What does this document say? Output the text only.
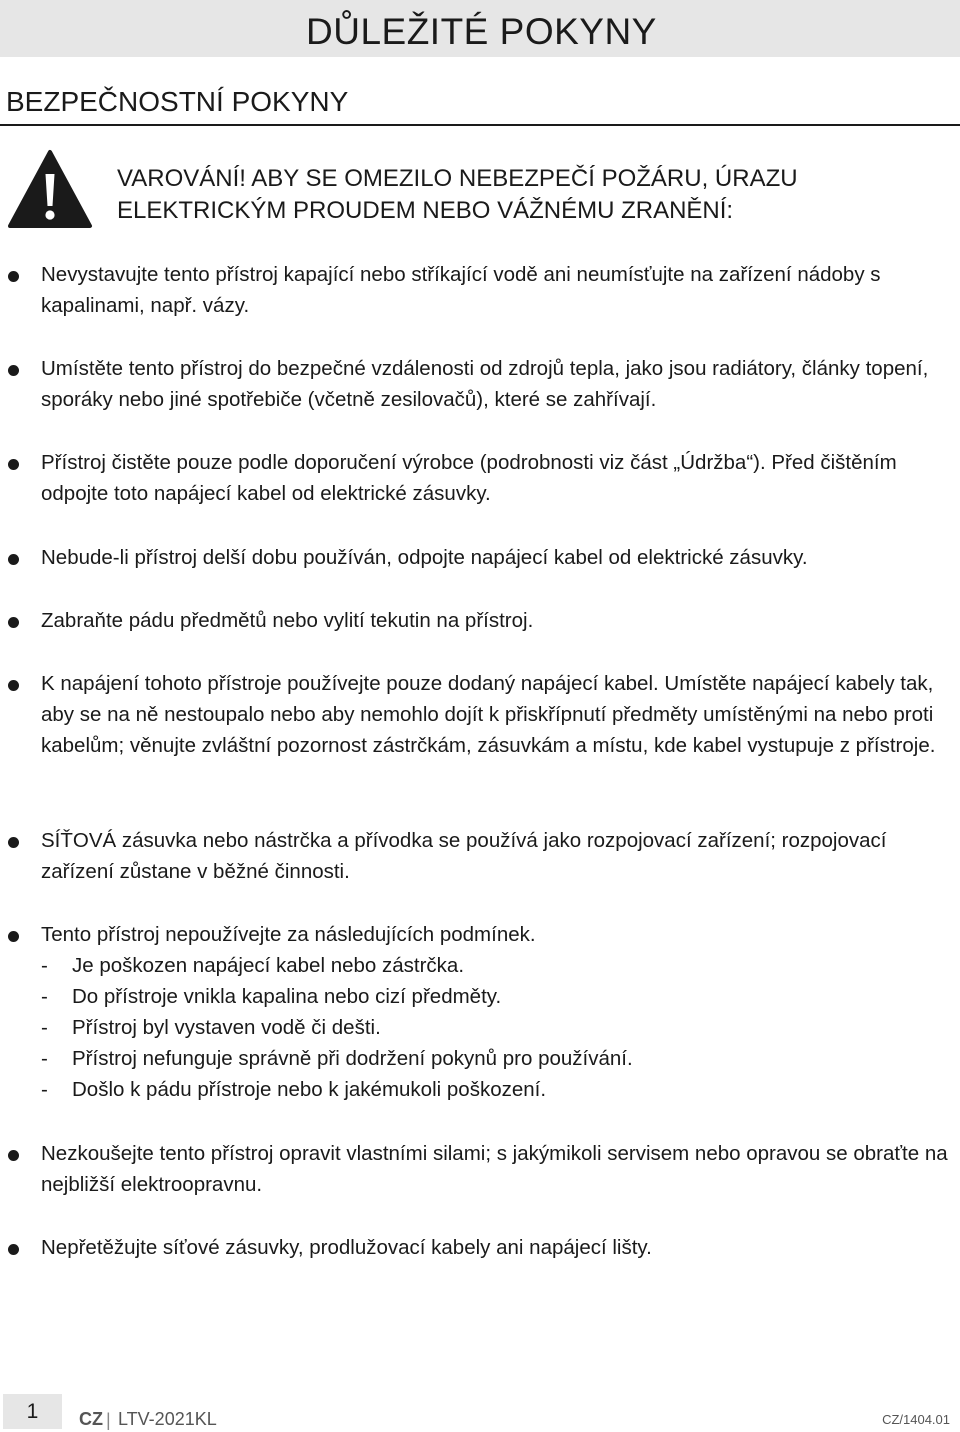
DŮLEŽITÉ POKYNY
BEZPEČNOSTNÍ POKYNY
VAROVÁNÍ! ABY SE OMEZILO NEBEZPEČÍ POŽÁRU, ÚRAZU
ELEKTRICKÝM PROUDEM NEBO VÁŽNÉMU ZRANĚNÍ:
Nevystavujte tento přístroj kapající nebo stříkající vodě ani neumísťujte na zařízení nádoby s kapalinami, např. vázy.
Umístěte tento přístroj do bezpečné vzdálenosti od zdrojů tepla, jako jsou radiátory, články topení, sporáky nebo jiné spotřebiče (včetně zesilovačů), které se zahřívají.
Přístroj čistěte pouze podle doporučení výrobce (podrobnosti viz část „Údržba“). Před čištěním odpojte toto napájecí kabel od elektrické zásuvky.
Nebude-li přístroj delší dobu používán, odpojte napájecí kabel od elektrické zásuvky.
Zabraňte pádu předmětů nebo vylití tekutin na přístroj.
K napájení tohoto přístroje používejte pouze dodaný napájecí kabel. Umístěte napájecí kabely tak, aby se na ně nestoupalo nebo aby nemohlo dojít k přiskřípnutí předměty umístěnými na nebo proti kabelům; věnujte zvláštní pozornost zástrčkám, zásuvkám a místu, kde kabel vystupuje z přístroje.
SÍŤOVÁ zásuvka nebo nástrčka a přívodka se používá jako rozpojovací zařízení; rozpojovací zařízení zůstane v běžné činnosti.
Tento přístroj nepoužívejte za následujících podmínek.
- Je poškozen napájecí kabel nebo zástrčka.
- Do přístroje vnikla kapalina nebo cizí předměty.
- Přístroj byl vystaven vodě či dešti.
- Přístroj nefunguje správně při dodržení pokynů pro používání.
- Došlo k pádu přístroje nebo k jakémukoli poškození.
Nezkoušejte tento přístroj opravit vlastními silami; s jakýmikoli servisem nebo opravou se obraťte na nejbližší elektroopravnu.
Nepřetěžujte síťové zásuvky, prodlužovací kabely ani napájecí lišty.
1	CZ | LTV-2021KL	CZ/1404.01
